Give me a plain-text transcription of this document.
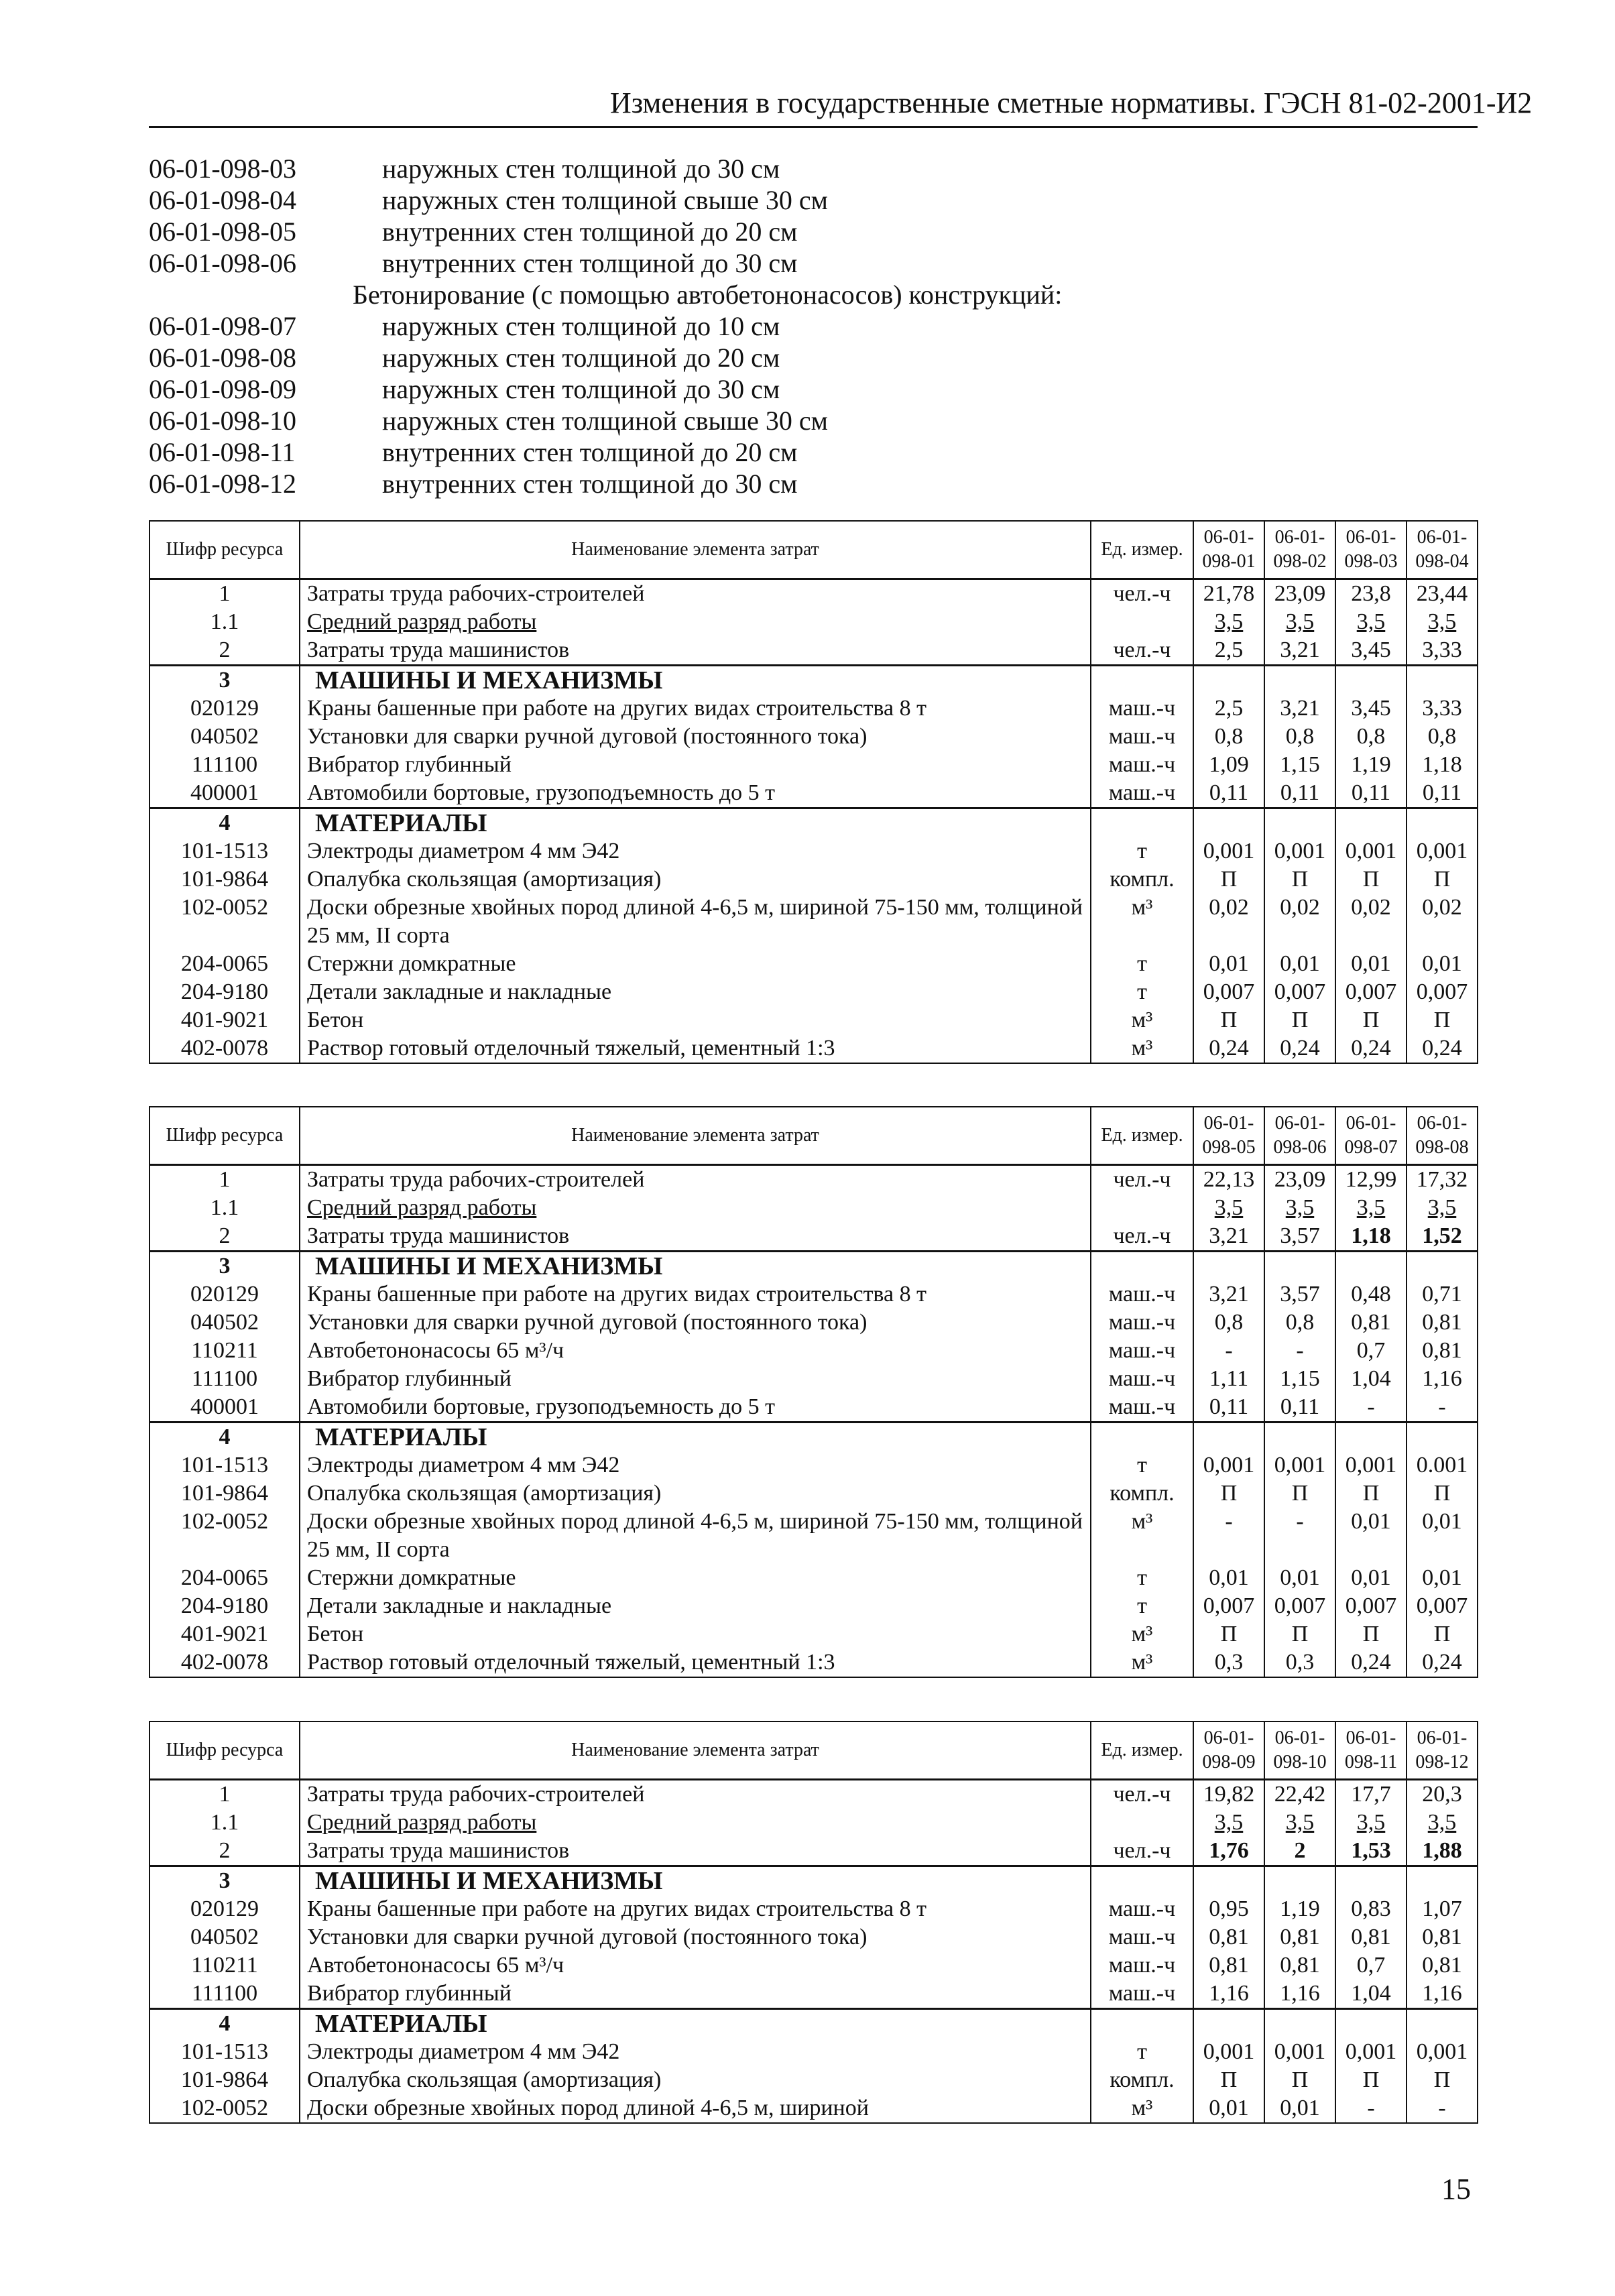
Изменения в государственные сметные нормативы. ГЭСН 81-02-2001-И2
06-01-098-03	наружных стен толщиной до 30 см
06-01-098-04	наружных стен толщиной свыше 30 см
06-01-098-05	внутренних стен толщиной до 20 см
06-01-098-06	внутренних стен толщиной до 30 см
Бетонирование (с помощью автобетононасосов) конструкций:
06-01-098-07	наружных стен толщиной до 10 см
06-01-098-08	наружных стен толщиной до 20 см
06-01-098-09	наружных стен толщиной до 30 см
06-01-098-10	наружных стен толщиной свыше 30 см
06-01-098-11	внутренних стен толщиной до 20 см
06-01-098-12	внутренних стен толщиной до 30 см
Шифр ресурса	Наименование элемента затрат	Ед. измер.	06-01-098-01	06-01-098-02	06-01-098-03	06-01-098-04
1	Затраты труда рабочих-строителей	чел.-ч	21,78	23,09	23,8	23,44
1.1	Средний разряд работы		3,5	3,5	3,5	3,5
2	Затраты труда машинистов	чел.-ч	2,5	3,21	3,45	3,33
3	МАШИНЫ И МЕХАНИЗМЫ					
020129	Краны башенные при работе на других видах строительства 8 т	маш.-ч	2,5	3,21	3,45	3,33
040502	Установки для сварки ручной дуговой (постоянного тока)	маш.-ч	0,8	0,8	0,8	0,8
111100	Вибратор глубинный	маш.-ч	1,09	1,15	1,19	1,18
400001	Автомобили бортовые, грузоподъемность до 5 т	маш.-ч	0,11	0,11	0,11	0,11
4	МАТЕРИАЛЫ					
101-1513	Электроды диаметром 4 мм Э42	т	0,001	0,001	0,001	0,001
101-9864	Опалубка скользящая (амортизация)	компл.	П	П	П	П
102-0052	Доски обрезные хвойных пород длиной 4-6,5 м, шириной 75-150 мм, толщиной 25 мм, II сорта	м³	0,02	0,02	0,02	0,02
204-0065	Стержни домкратные	т	0,01	0,01	0,01	0,01
204-9180	Детали закладные и накладные	т	0,007	0,007	0,007	0,007
401-9021	Бетон	м³	П	П	П	П
402-0078	Раствор готовый отделочный тяжелый, цементный 1:3	м³	0,24	0,24	0,24	0,24
Шифр ресурса	Наименование элемента затрат	Ед. измер.	06-01-098-05	06-01-098-06	06-01-098-07	06-01-098-08
1	Затраты труда рабочих-строителей	чел.-ч	22,13	23,09	12,99	17,32
1.1	Средний разряд работы		3,5	3,5	3,5	3,5
2	Затраты труда машинистов	чел.-ч	3,21	3,57	1,18	1,52
3	МАШИНЫ И МЕХАНИЗМЫ					
020129	Краны башенные при работе на других видах строительства 8 т	маш.-ч	3,21	3,57	0,48	0,71
040502	Установки для сварки ручной дуговой (постоянного тока)	маш.-ч	0,8	0,8	0,81	0,81
110211	Автобетононасосы 65 м³/ч	маш.-ч	-	-	0,7	0,81
111100	Вибратор глубинный	маш.-ч	1,11	1,15	1,04	1,16
400001	Автомобили бортовые, грузоподъемность до 5 т	маш.-ч	0,11	0,11	-	-
4	МАТЕРИАЛЫ					
101-1513	Электроды диаметром 4 мм Э42	т	0,001	0,001	0,001	0.001
101-9864	Опалубка скользящая (амортизация)	компл.	П	П	П	П
102-0052	Доски обрезные хвойных пород длиной 4-6,5 м, шириной 75-150 мм, толщиной 25 мм, II сорта	м³	-	-	0,01	0,01
204-0065	Стержни домкратные	т	0,01	0,01	0,01	0,01
204-9180	Детали закладные и накладные	т	0,007	0,007	0,007	0,007
401-9021	Бетон	м³	П	П	П	П
402-0078	Раствор готовый отделочный тяжелый, цементный 1:3	м³	0,3	0,3	0,24	0,24
Шифр ресурса	Наименование элемента затрат	Ед. измер.	06-01-098-09	06-01-098-10	06-01-098-11	06-01-098-12
1	Затраты труда рабочих-строителей	чел.-ч	19,82	22,42	17,7	20,3
1.1	Средний разряд работы		3,5	3,5	3,5	3,5
2	Затраты труда машинистов	чел.-ч	1,76	2	1,53	1,88
3	МАШИНЫ И МЕХАНИЗМЫ					
020129	Краны башенные при работе на других видах строительства 8 т	маш.-ч	0,95	1,19	0,83	1,07
040502	Установки для сварки ручной дуговой (постоянного тока)	маш.-ч	0,81	0,81	0,81	0,81
110211	Автобетононасосы 65 м³/ч	маш.-ч	0,81	0,81	0,7	0,81
111100	Вибратор глубинный	маш.-ч	1,16	1,16	1,04	1,16
4	МАТЕРИАЛЫ					
101-1513	Электроды диаметром 4 мм Э42	т	0,001	0,001	0,001	0,001
101-9864	Опалубка скользящая (амортизация)	компл.	П	П	П	П
102-0052	Доски обрезные хвойных пород длиной 4-6,5 м, шириной	м³	0,01	0,01	-	-
15
